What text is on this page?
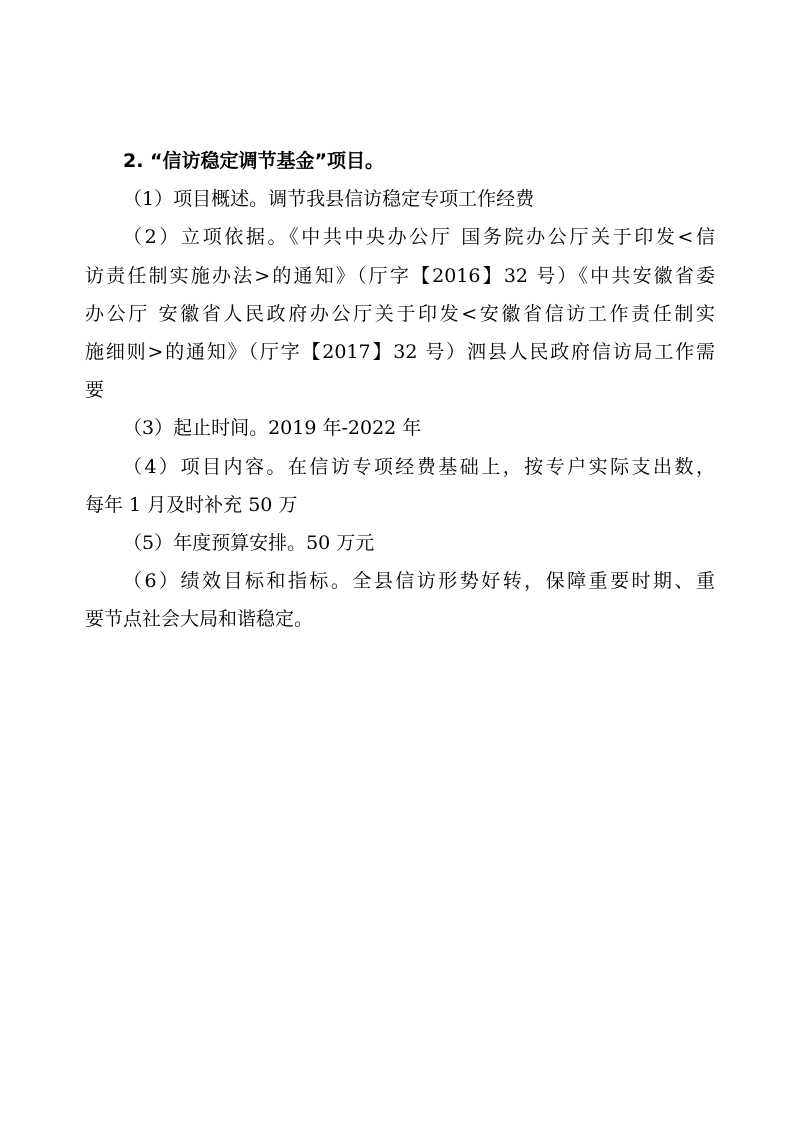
2. “信访稳定调节基金”项目。
（1）项目概述。调节我县信访稳定专项工作经费
（2）立项依据。《中共中央办公厅 国务院办公厅关于印发<信
访责任制实施办法>的通知》（厅字【2016】32 号）《中共安徽省委
办公厅 安徽省人民政府办公厅关于印发<安徽省信访工作责任制实
施细则>的通知》（厅字【2017】32 号）泗县人民政府信访局工作需
要
（3）起止时间。2019 年-2022 年
（4）项目内容。在信访专项经费基础上，按专户实际支出数，
每年 1 月及时补充 50 万
（5）年度预算安排。50 万元
（6）绩效目标和指标。全县信访形势好转，保障重要时期、重
要节点社会大局和谐稳定。
